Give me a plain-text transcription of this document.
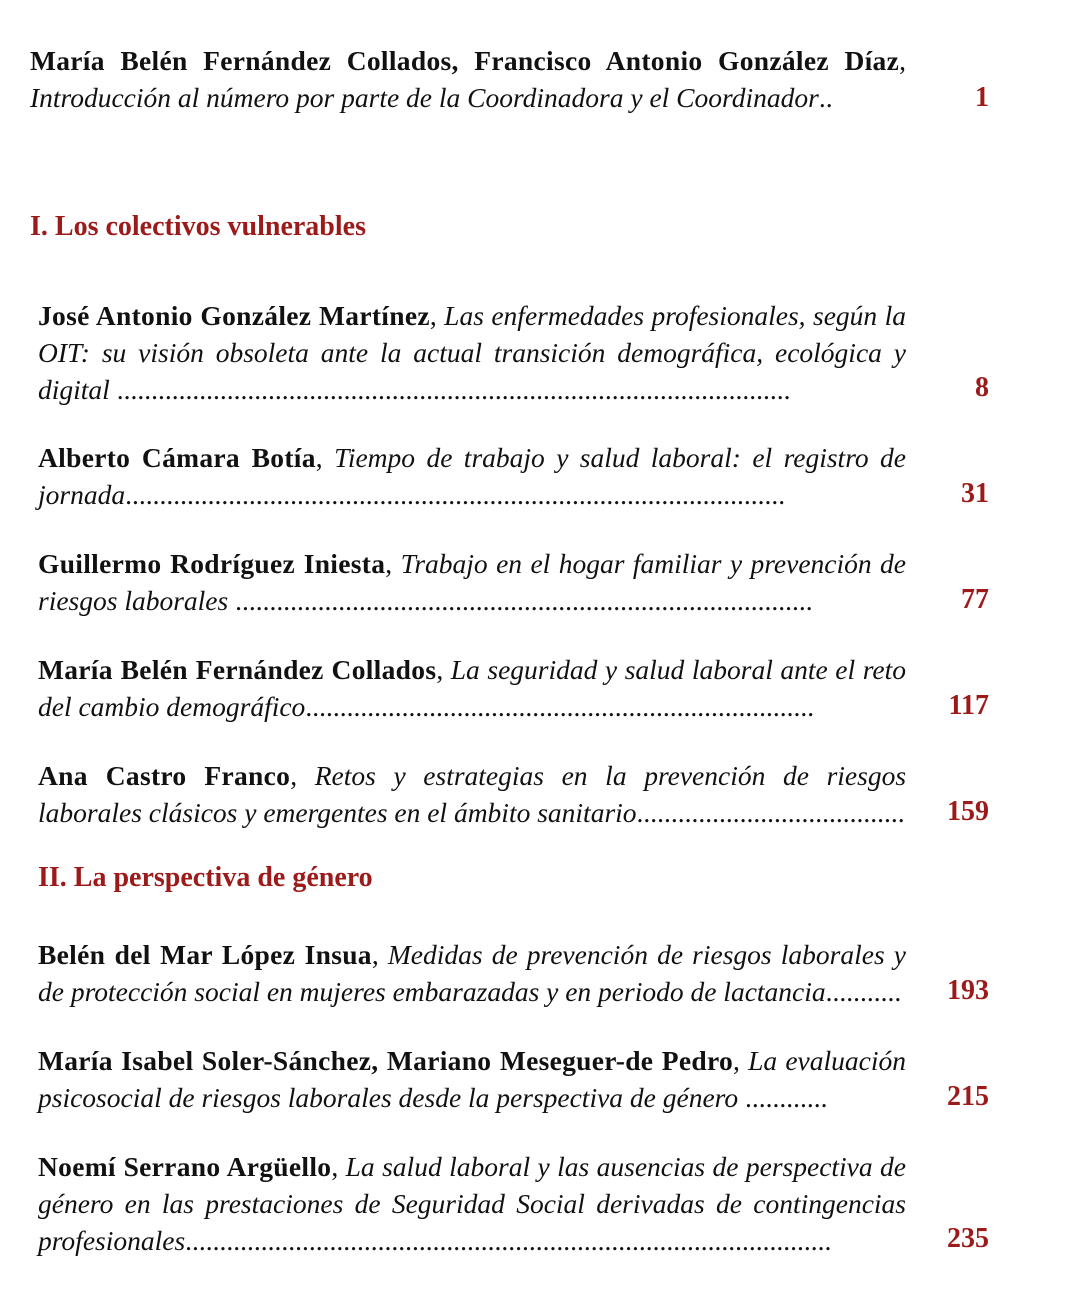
María Belén Fernández Collados, Francisco Antonio González Díaz, Introducción al número por parte de la Coordinadora y el Coordinador..	1
I. Los colectivos vulnerables
José Antonio González Martínez, Las enfermedades profesionales, según la OIT: su visión obsoleta ante la actual transición demográfica, ecológica y digital ..................................................................................................	8
Alberto Cámara Botía, Tiempo de trabajo y salud laboral: el registro de jornada................................................................................................	31
Guillermo Rodríguez Iniesta, Trabajo en el hogar familiar y prevención de riesgos laborales ....................................................................................	77
María Belén Fernández Collados, La seguridad y salud laboral ante el reto del cambio demográfico..........................................................................	117
Ana Castro Franco, Retos y estrategias en la prevención de riesgos laborales clásicos y emergentes en el ámbito sanitario....................................... 159
II. La perspectiva de género
Belén del Mar López Insua, Medidas de prevención de riesgos laborales y de protección social en mujeres embarazadas y en periodo de lactancia........... 193
María Isabel Soler-Sánchez, Mariano Meseguer-de Pedro, La evaluación psicosocial de riesgos laborales desde la perspectiva de género ............	215
Noemí Serrano Argüello, La salud laboral y las ausencias de perspectiva de género en las prestaciones de Seguridad Social derivadas de contingencias profesionales..............................................................................................	235
